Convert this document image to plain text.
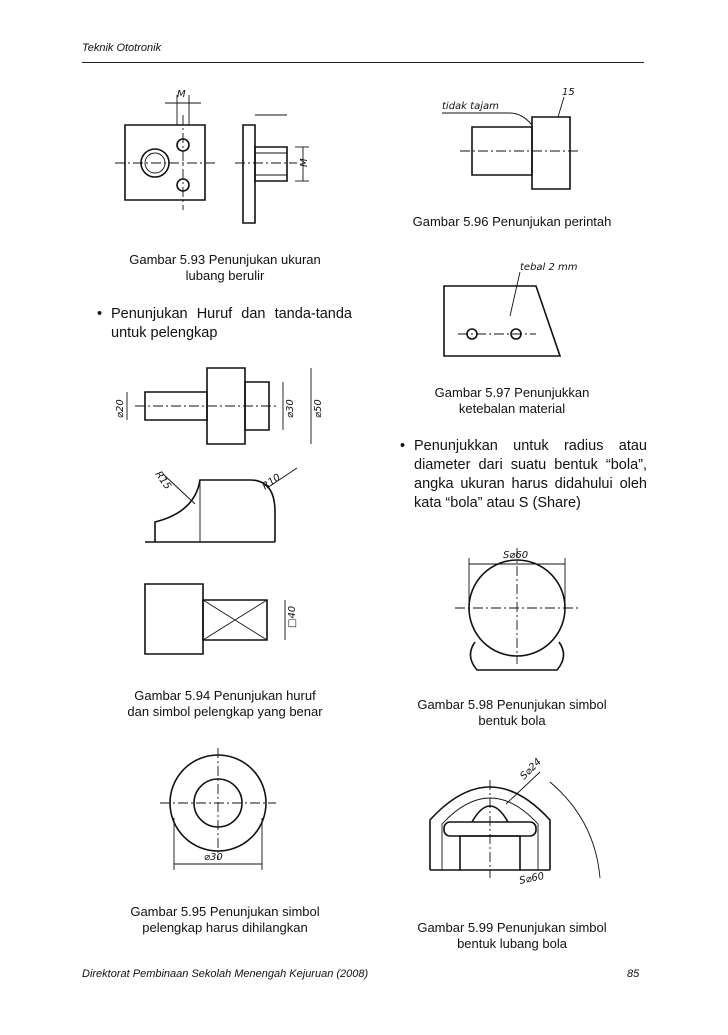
Teknik Ototronik
M
M
Gambar 5.93 Penunjukan ukuran
lubang berulir
• Penunjukan Huruf dan tanda-tanda untuk pelengkap
⌀20	⌀30 ⌀50
R15	R10
□40
Gambar 5.94 Penunjukan huruf
dan simbol pelengkap yang benar
⌀30
Gambar 5.95 Penunjukan simbol
pelengkap harus dihilangkan
tidak tajam
15
Gambar 5.96 Penunjukan perintah
tebal 2 mm
Gambar 5.97 Penunjukkan
ketebalan material
• Penunjukkan untuk radius atau diameter dari suatu bentuk “bola”, angka ukuran harus didahului oleh kata “bola” atau S (Share)
S⌀60
Gambar 5.98 Penunjukan simbol
bentuk bola
S⌀24
S⌀60
Gambar 5.99 Penunjukan simbol
bentuk lubang bola
Direktorat Pembinaan Sekolah Menengah Kejuruan (2008)	85
